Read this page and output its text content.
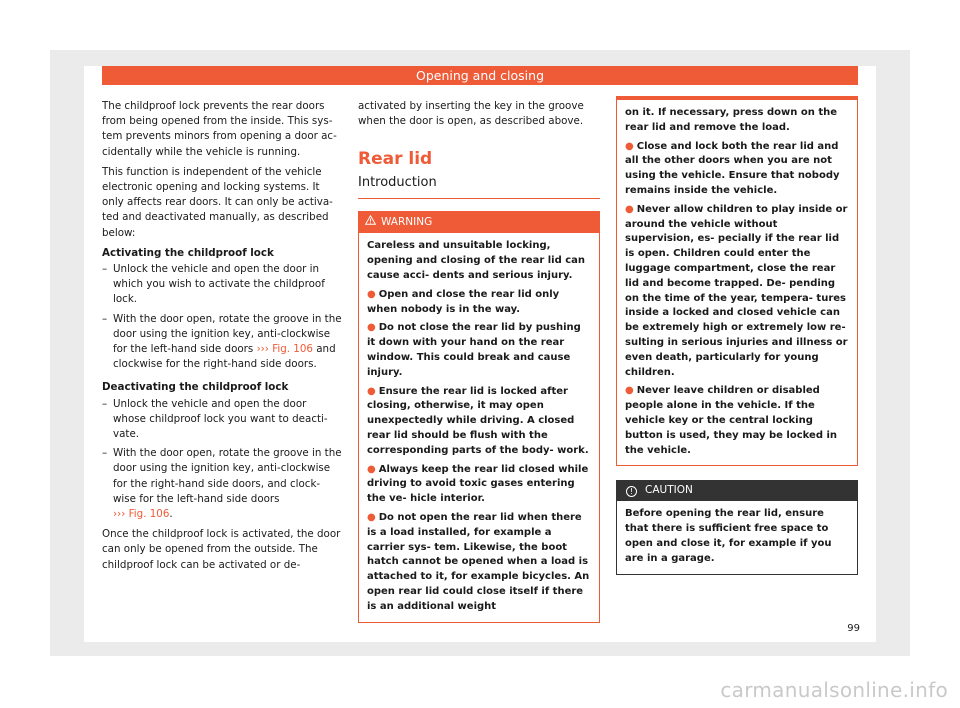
Opening and closing

The childproof lock prevents the rear doors from being opened from the inside. This sys- tem prevents minors from opening a door ac- cidentally while the vehicle is running.

This function is independent of the vehicle electronic opening and locking systems. It only affects rear doors. It can only be activa- ted and deactivated manually, as described below:

Activating the childproof lock
– Unlock the vehicle and open the door in which you wish to activate the childproof lock.
– With the door open, rotate the groove in the door using the ignition key, anti-clockwise for the left-hand side doors ››› Fig. 106 and clockwise for the right-hand side doors.
Deactivating the childproof lock
– Unlock the vehicle and open the door whose childproof lock you want to deacti- vate.
– With the door open, rotate the groove in the door using the ignition key, anti-clockwise for the right-hand side doors, and clock- wise for the left-hand side doors
››› Fig. 106.

Once the childproof lock is activated, the door can only be opened from the outside. The childproof lock can be activated or de-

activated by inserting the key in the groove when the door is open, as described above.

Rear lid
Introduction
WARNING

Careless and unsuitable locking, opening and closing of the rear lid can cause acci- dents and serious injury.

● Open and close the rear lid only when nobody is in the way.

● Do not close the rear lid by pushing it down with your hand on the rear window. This could break and cause injury.

● Ensure the rear lid is locked after closing, otherwise, it may open unexpectedly while driving. A closed rear lid should be flush with the corresponding parts of the body- work.

● Always keep the rear lid closed while driving to avoid toxic gases entering the ve- hicle interior.

● Do not open the rear lid when there is a load installed, for example a carrier sys- tem. Likewise, the boot hatch cannot be opened when a load is attached to it, for example bicycles. An open rear lid could close itself if there is an additional weight

on it. If necessary, press down on the rear lid and remove the load.

● Close and lock both the rear lid and all the other doors when you are not using the vehicle. Ensure that nobody remains inside the vehicle.

● Never allow children to play inside or around the vehicle without supervision, es- pecially if the rear lid is open. Children could enter the luggage compartment, close the rear lid and become trapped. De- pending on the time of the year, tempera- tures inside a locked and closed vehicle can be extremely high or extremely low re- sulting in serious injuries and illness or even death, particularly for young children.

● Never leave children or disabled people alone in the vehicle. If the vehicle key or the central locking button is used, they may be locked in the vehicle.

! CAUTION
Before opening the rear lid, ensure that there is sufficient free space to open and close it, for example if you are in a garage.
99
carmanualsonline.info
